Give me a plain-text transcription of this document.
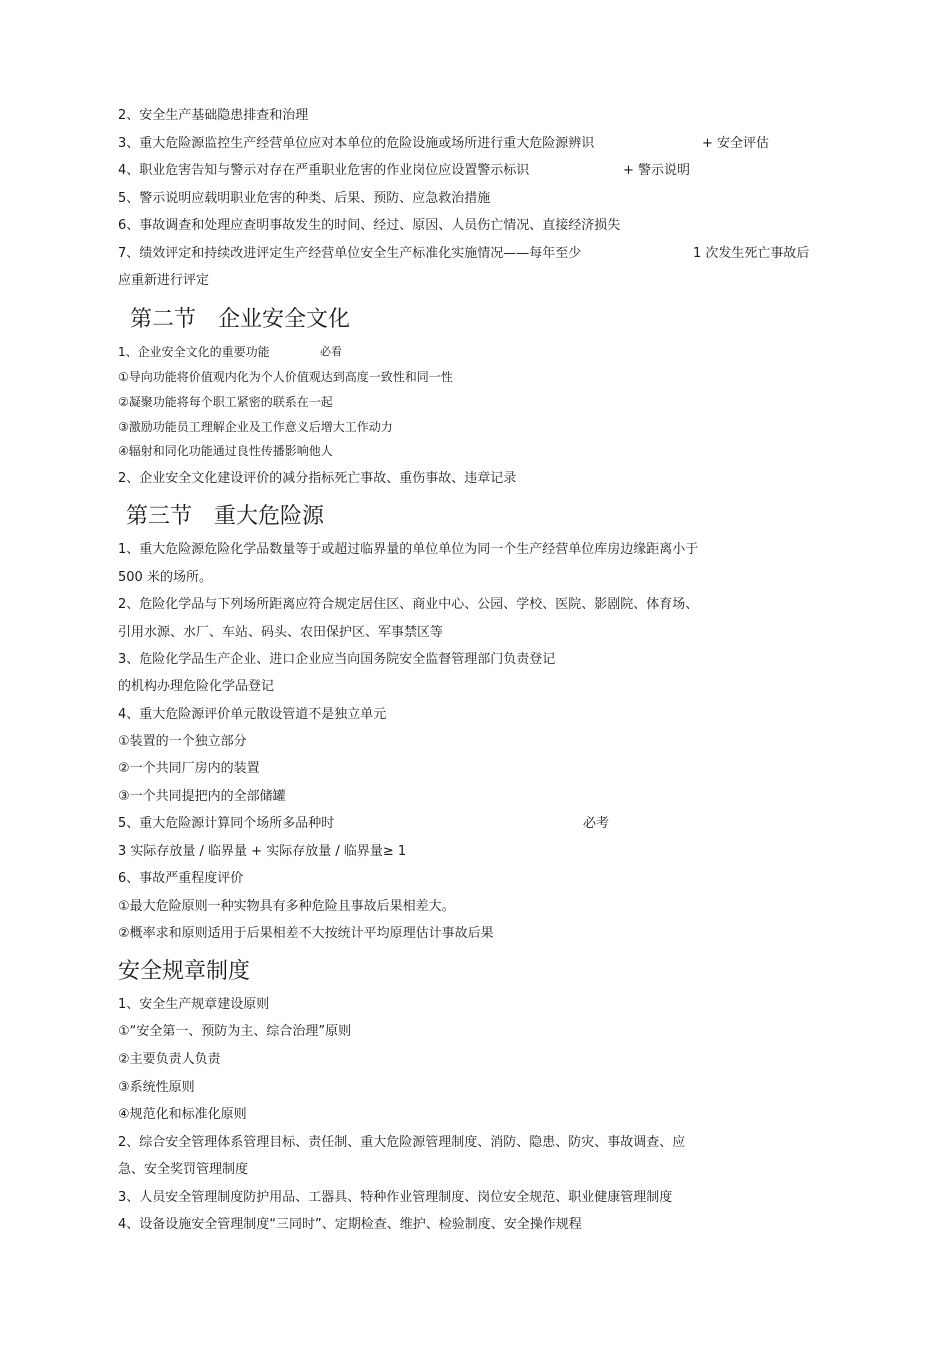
2、安全生产基础隐患排查和治理
3、重大危险源监控生产经营单位应对本单位的危险设施或场所进行重大危险源辨识	+ 安全评估
4、职业危害告知与警示对存在严重职业危害的作业岗位应设置警示标识	+ 警示说明
5、警示说明应载明职业危害的种类、后果、预防、应急救治措施
6、事故调查和处理应查明事故发生的时间、经过、原因、人员伤亡情况、直接经济损失
7、绩效评定和持续改进评定生产经营单位安全生产标准化实施情况——每年至少	1 次发生死亡事故后
应重新进行评定
第二节　企业安全文化
1、企业安全文化的重要功能	必看
①导向功能将价值观内化为个人价值观达到高度一致性和同一性
②凝聚功能将每个职工紧密的联系在一起
③激励功能员工理解企业及工作意义后增大工作动力
④辐射和同化功能通过良性传播影响他人
2、企业安全文化建设评价的减分指标死亡事故、重伤事故、违章记录
第三节　重大危险源
1、重大危险源危险化学品数量等于或超过临界量的单位单位为同一个生产经营单位库房边缘距离小于
500 米的场所。
2、危险化学品与下列场所距离应符合规定居住区、商业中心、公园、学校、医院、影剧院、体育场、
引用水源、水厂、车站、码头、农田保护区、军事禁区等
3、危险化学品生产企业、进口企业应当向国务院安全监督管理部门负责登记
的机构办理危险化学品登记
4、重大危险源评价单元散设管道不是独立单元
①装置的一个独立部分
②一个共同厂房内的装置
③一个共同提把内的全部储罐
5、重大危险源计算同个场所多品种时	必考
3 实际存放量 / 临界量 + 实际存放量 / 临界量≥ 1
6、事故严重程度评价
①最大危险原则一种实物具有多种危险且事故后果相差大。
②概率求和原则适用于后果相差不大按统计平均原理估计事故后果
安全规章制度
1、安全生产规章建设原则
①“安全第一、预防为主、综合治理”原则
②主要负责人负责
③系统性原则
④规范化和标准化原则
2、综合安全管理体系管理目标、责任制、重大危险源管理制度、消防、隐患、防灾、事故调查、应
急、安全奖罚管理制度
3、人员安全管理制度防护用品、工器具、特种作业管理制度、岗位安全规范、职业健康管理制度
4、设备设施安全管理制度“三同时”、定期检查、维护、检验制度、安全操作规程
